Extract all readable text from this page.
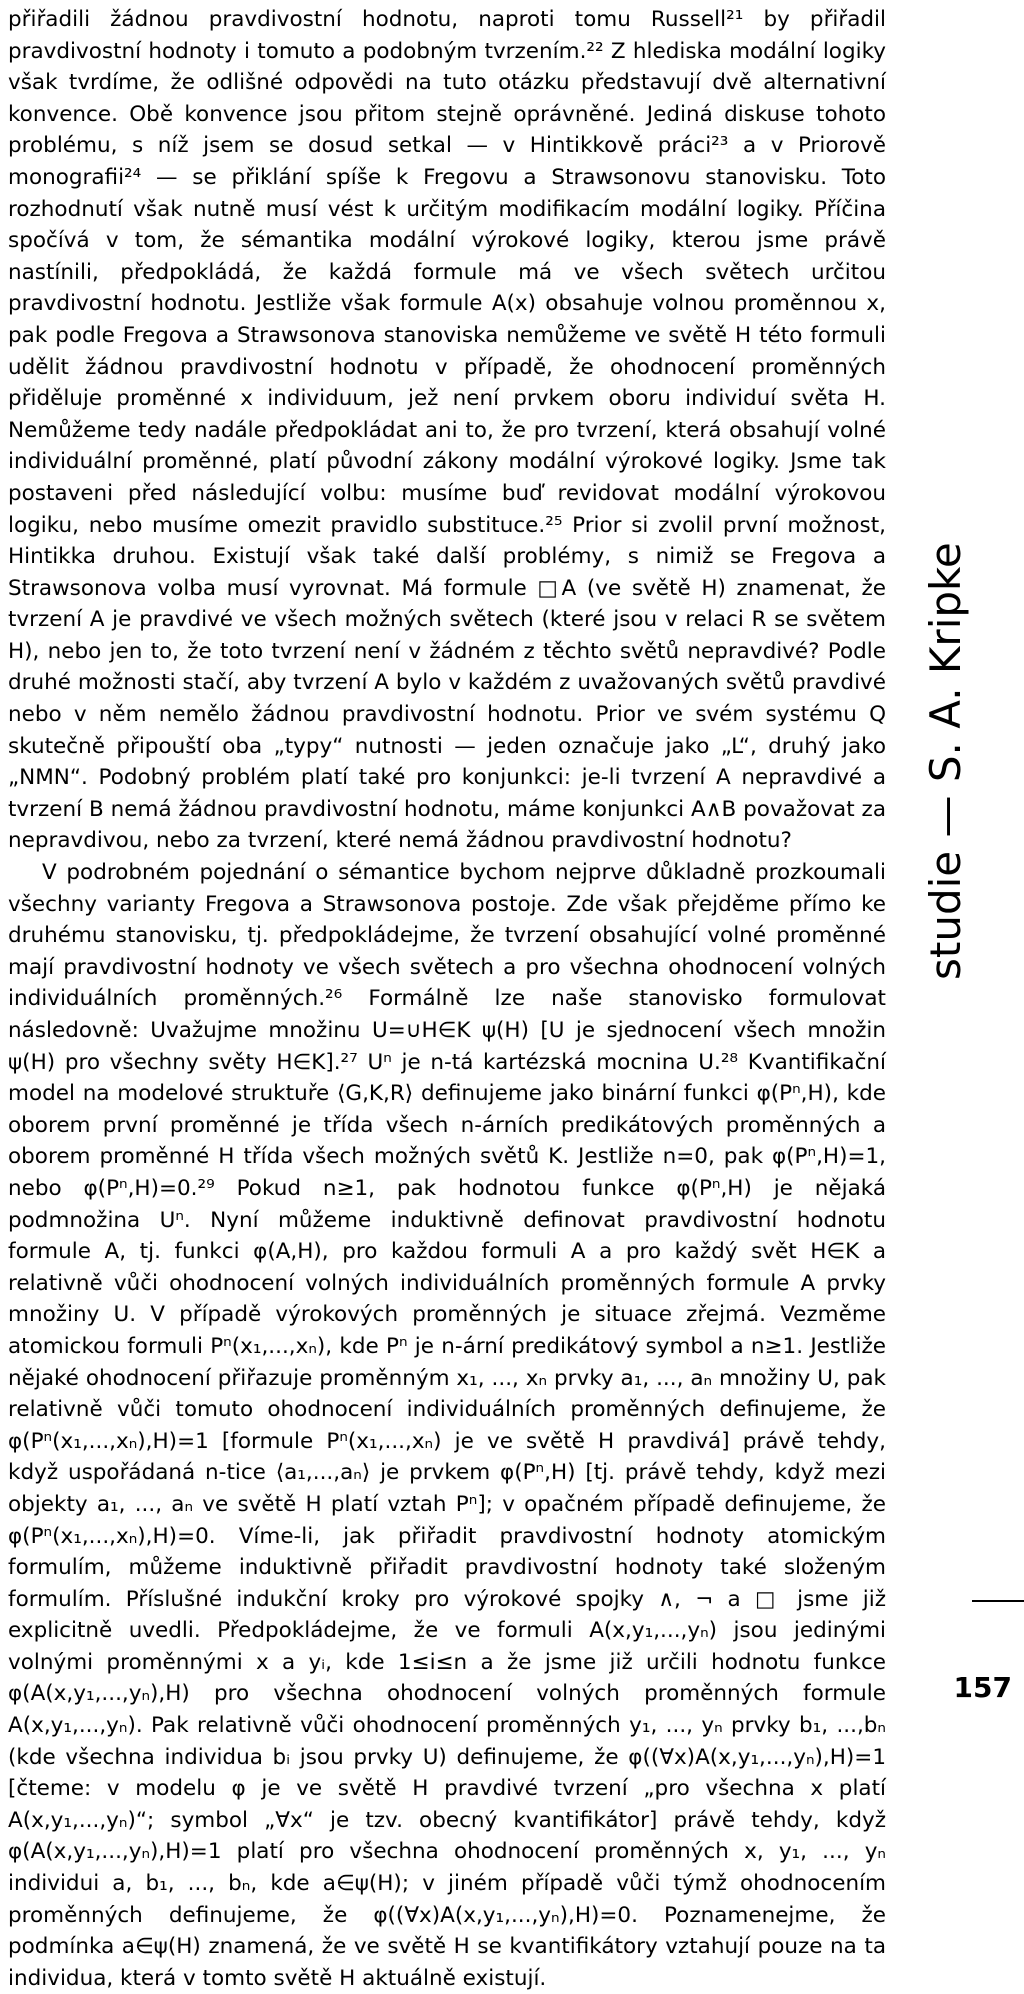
přiřadili žádnou pravdivostní hodnotu, naproti tomu Russell²¹ by přiřadil pravdivostní hodnoty i tomuto a podobným tvrzením.²² Z hlediska modální logiky však tvrdíme, že odlišné odpovědi na tuto otázku představují dvě alternativní konvence. Obě konvence jsou přitom stejně oprávněné. Jediná diskuse tohoto problému, s níž jsem se dosud setkal — v Hintikkově práci²³ a v Priorově monografii²⁴ — se přiklání spíše k Fregovu a Strawsonovu stanovisku. Toto rozhodnutí však nutně musí vést k určitým modifikacím modální logiky. Příčina spočívá v tom, že sémantika modální výrokové logiky, kterou jsme právě nastínili, předpokládá, že každá formule má ve všech světech určitou pravdivostní hodnotu. Jestliže však formule A(x) obsahuje volnou proměnnou x, pak podle Fregova a Strawsonova stanoviska nemůžeme ve světě H této formuli udělit žádnou pravdivostní hodnotu v případě, že ohodnocení proměnných přiděluje proměnné x individuum, jež není prvkem oboru individuí světa H. Nemůžeme tedy nadále předpokládat ani to, že pro tvrzení, která obsahují volné individuální proměnné, platí původní zákony modální výrokové logiky. Jsme tak postaveni před následující volbu: musíme buď revidovat modální výrokovou logiku, nebo musíme omezit pravidlo substituce.²⁵ Prior si zvolil první možnost, Hintikka druhou. Existují však také další problémy, s nimiž se Fregova a Strawsonova volba musí vyrovnat. Má formule □A (ve světě H) znamenat, že tvrzení A je pravdivé ve všech možných světech (které jsou v relaci R se světem H), nebo jen to, že toto tvrzení není v žádném z těchto světů nepravdivé? Podle druhé možnosti stačí, aby tvrzení A bylo v každém z uvažovaných světů pravdivé nebo v něm nemělo žádnou pravdivostní hodnotu. Prior ve svém systému Q skutečně připouští oba „typy“ nutnosti — jeden označuje jako „L“, druhý jako „NMN“. Podobný problém platí také pro konjunkci: je-li tvrzení A nepravdivé a tvrzení B nemá žádnou pravdivostní hodnotu, máme konjunkci A∧B považovat za nepravdivou, nebo za tvrzení, které nemá žádnou pravdivostní hodnotu?

V podrobném pojednání o sémantice bychom nejprve důkladně prozkoumali všechny varianty Fregova a Strawsonova postoje. Zde však přejděme přímo ke druhému stanovisku, tj. předpokládejme, že tvrzení obsahující volné proměnné mají pravdivostní hodnoty ve všech světech a pro všechna ohodnocení volných individuálních proměnných.²⁶ Formálně lze naše stanovisko formulovat následovně: Uvažujme množinu U=∪H∈K ψ(H) [U je sjednocení všech množin ψ(H) pro všechny světy H∈K].²⁷ Uⁿ je n-tá kartézská mocnina U.²⁸ Kvantifikační model na modelové struktuře ⟨G,K,R⟩ definujeme jako binární funkci φ(Pⁿ,H), kde oborem první proměnné je třída všech n-árních predikátových proměnných a oborem proměnné H třída všech možných světů K. Jestliže n=0, pak φ(Pⁿ,H)=1, nebo φ(Pⁿ,H)=0.²⁹ Pokud n≥1, pak hodnotou funkce φ(Pⁿ,H) je nějaká podmnožina Uⁿ. Nyní můžeme induktivně definovat pravdivostní hodnotu formule A, tj. funkci φ(A,H), pro každou formuli A a pro každý svět H∈K a relativně vůči ohodnocení volných individuálních proměnných formule A prvky množiny U. V případě výrokových proměnných je situace zřejmá. Vezměme atomickou formuli Pⁿ(x₁,...,xₙ), kde Pⁿ je n-ární predikátový symbol a n≥1. Jestliže nějaké ohodnocení přiřazuje proměnným x₁, ..., xₙ prvky a₁, ..., aₙ množiny U, pak relativně vůči tomuto ohodnocení individuálních proměnných definujeme, že φ(Pⁿ(x₁,...,xₙ),H)=1 [formule Pⁿ(x₁,...,xₙ) je ve světě H pravdivá] právě tehdy, když uspořádaná n-tice ⟨a₁,...,aₙ⟩ je prvkem φ(Pⁿ,H) [tj. právě tehdy, když mezi objekty a₁, ..., aₙ ve světě H platí vztah Pⁿ]; v opačném případě definujeme, že φ(Pⁿ(x₁,...,xₙ),H)=0. Víme-li, jak přiřadit pravdivostní hodnoty atomickým formulím, můžeme induktivně přiřadit pravdivostní hodnoty také složeným formulím. Příslušné indukční kroky pro výrokové spojky ∧, ¬ a □ jsme již explicitně uvedli. Předpokládejme, že ve formuli A(x,y₁,...,yₙ) jsou jedinými volnými proměnnými x a yᵢ, kde 1≤i≤n a že jsme již určili hodnotu funkce φ(A(x,y₁,...,yₙ),H) pro všechna ohodnocení volných proměnných formule A(x,y₁,...,yₙ). Pak relativně vůči ohodnocení proměnných y₁, ..., yₙ prvky b₁, ...,bₙ (kde všechna individua bᵢ jsou prvky U) definujeme, že φ((∀x)A(x,y₁,...,yₙ),H)=1 [čteme: v modelu φ je ve světě H pravdivé tvrzení „pro všechna x platí A(x,y₁,...,yₙ)“; symbol „∀x“ je tzv. obecný kvantifikátor] právě tehdy, když φ(A(x,y₁,...,yₙ),H)=1 platí pro všechna ohodnocení proměnných x, y₁, ..., yₙ individui a, b₁, ..., bₙ, kde a∈ψ(H); v jiném případě vůči týmž ohodnocením proměnných definujeme, že φ((∀x)A(x,y₁,...,yₙ),H)=0. Poznamenejme, že podmínka a∈ψ(H) znamená, že ve světě H se kvantifikátory vztahují pouze na ta individua, která v tomto světě H aktuálně existují.

studie — S. A. Kripke
157
